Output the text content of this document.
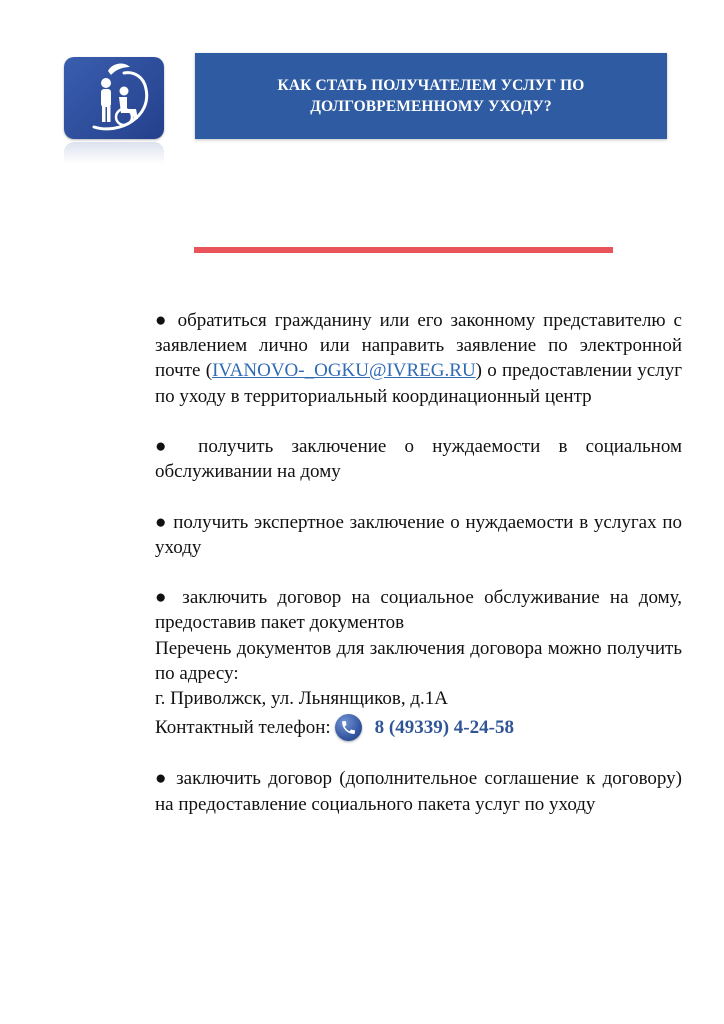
КАК СТАТЬ ПОЛУЧАТЕЛЕМ УСЛУГ ПО ДОЛГОВРЕМЕННОМУ УХОДУ?

● обратиться гражданину или его законному представителю с заявлением лично или направить заявление по электронной почте (IVANOVO-_OGKU@IVREG.RU) о предоставлении услуг по уходу в территориальный координационный центр

● получить заключение о нуждаемости в социальном обслуживании на дому

● получить экспертное заключение о нуждаемости в услугах по уходу

● заключить договор на социальное обслуживание на дому, предоставив пакет документов

Перечень документов для заключения договора можно получить по адресу:

г. Приволжск, ул. Льнянщиков, д.1А

Контактный телефон: 8 (49339) 4-24-58

● заключить договор (дополнительное соглашение к договору) на предоставление социального пакета услуг по уходу
